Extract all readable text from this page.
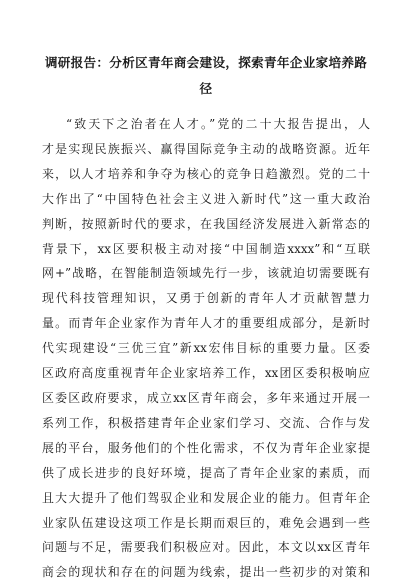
调研报告：分析区青年商会建设，探索青年企业家培养路
径
“致天下之治者在人才。”党的二十大报告提出，人
才是实现民族振兴、赢得国际竞争主动的战略资源。近年
来，以人才培养和争夺为核心的竞争日趋激烈。党的二十
大作出了“中国特色社会主义进入新时代”这一重大政治
判断，按照新时代的要求，在我国经济发展进入新常态的
背景下，xx区要积极主动对接“中国制造xxxx”和“互联
网+”战略，在智能制造领域先行一步，该就迫切需要既有
现代科技管理知识，又勇于创新的青年人才贡献智慧力
量。而青年企业家作为青年人才的重要组成部分，是新时
代实现建设“三优三宜”新xx宏伟目标的重要力量。区委
区政府高度重视青年企业家培养工作，xx团区委积极响应
区委区政府要求，成立xx区青年商会，多年来通过开展一
系列工作，积极搭建青年企业家们学习、交流、合作与发
展的平台，服务他们的个性化需求，不仅为青年企业家提
供了成长进步的良好环境，提高了青年企业家的素质，而
且大大提升了他们驾驭企业和发展企业的能力。但青年企
业家队伍建设这项工作是长期而艰巨的，难免会遇到一些
问题与不足，需要我们积极应对。因此，本文以xx区青年
商会的现状和存在的问题为线索，提出一些初步的对策和
